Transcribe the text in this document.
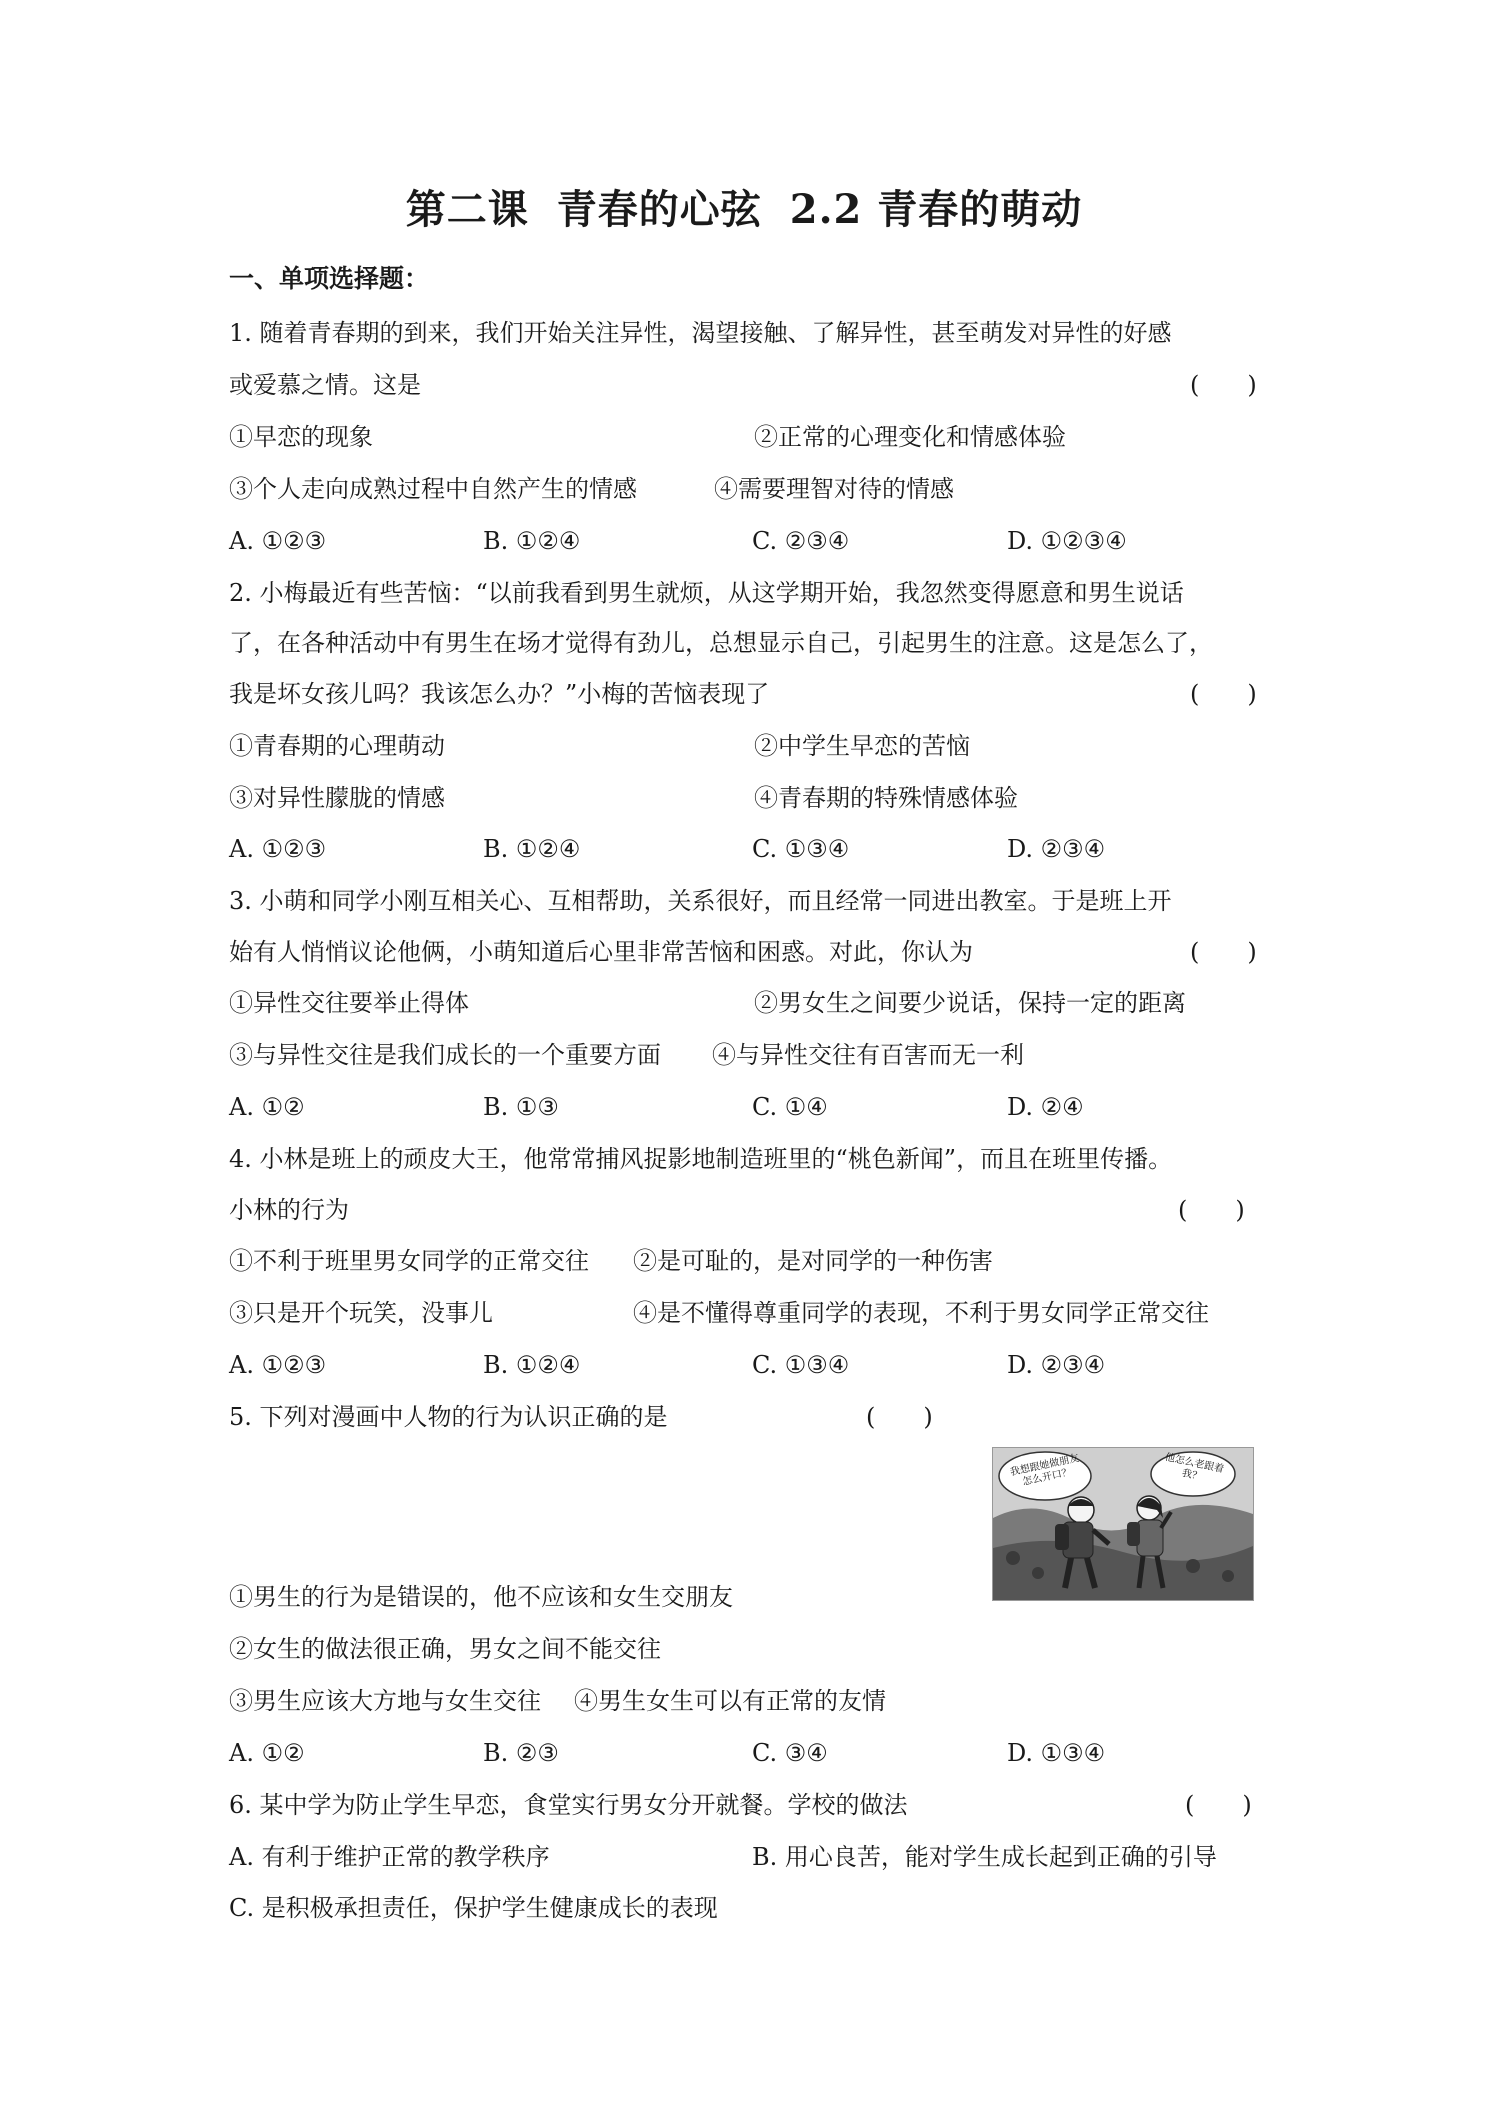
第二课 青春的心弦 2.2 青春的萌动
一、单项选择题：
1. 随着青春期的到来，我们开始关注异性，渴望接触、了解异性，甚至萌发对异性的好感
或爱慕之情。这是	(　　)
①早恋的现象	②正常的心理变化和情感体验
③个人走向成熟过程中自然产生的情感	④需要理智对待的情感
A. ①②③	B. ①②④	C. ②③④	D. ①②③④
2. 小梅最近有些苦恼：“以前我看到男生就烦，从这学期开始，我忽然变得愿意和男生说话
了，在各种活动中有男生在场才觉得有劲儿，总想显示自己，引起男生的注意。这是怎么了，
我是坏女孩儿吗？我该怎么办？”小梅的苦恼表现了	(　　)
①青春期的心理萌动	②中学生早恋的苦恼
③对异性朦胧的情感	④青春期的特殊情感体验
A. ①②③	B. ①②④	C. ①③④	D. ②③④
3. 小萌和同学小刚互相关心、互相帮助，关系很好，而且经常一同进出教室。于是班上开
始有人悄悄议论他俩，小萌知道后心里非常苦恼和困惑。对此，你认为	(　　)
①异性交往要举止得体	②男女生之间要少说话，保持一定的距离
③与异性交往是我们成长的一个重要方面 ④与异性交往有百害而无一利
A. ①②	B. ①③	C. ①④	D. ②④
4. 小林是班上的顽皮大王，他常常捕风捉影地制造班里的“桃色新闻”，而且在班里传播。
小林的行为	(　　)
①不利于班里男女同学的正常交往 ②是可耻的，是对同学的一种伤害
③只是开个玩笑，没事儿	④是不懂得尊重同学的表现，不利于男女同学正常交往
A. ①②③	B. ①②④	C. ①③④	D. ②③④
5. 下列对漫画中人物的行为认识正确的是	(　　)
我想跟她做朋友怎么开口？
他怎么老跟着我？
①男生的行为是错误的，他不应该和女生交朋友
②女生的做法很正确，男女之间不能交往
③男生应该大方地与女生交往 ④男生女生可以有正常的友情
A. ①②	B. ②③	C. ③④	D. ①③④
6. 某中学为防止学生早恋，食堂实行男女分开就餐。学校的做法	(　　)
A. 有利于维护正常的教学秩序	B. 用心良苦，能对学生成长起到正确的引导
C. 是积极承担责任，保护学生健康成长的表现
